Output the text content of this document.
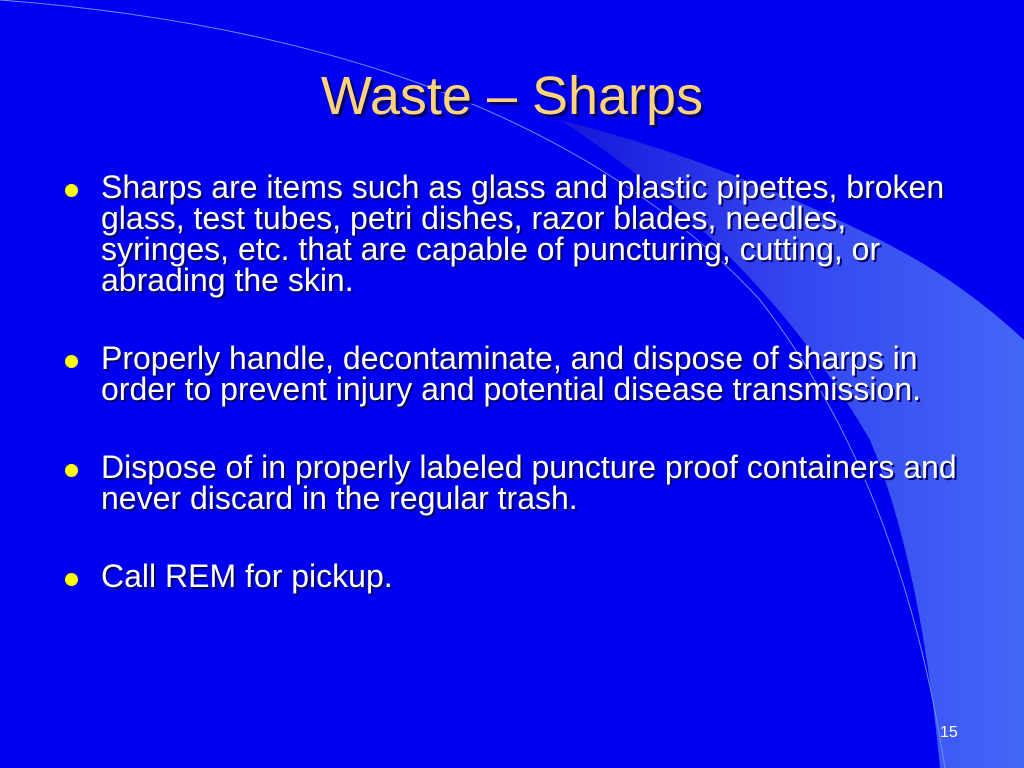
Waste – Sharps
Sharps are items such as glass and plastic pipettes, broken glass, test tubes, petri dishes, razor blades, needles, syringes, etc. that are capable of puncturing, cutting, or abrading the skin.
Properly handle, decontaminate, and dispose of sharps in order to prevent injury and potential disease transmission.
Dispose of in properly labeled puncture proof containers and never discard in the regular trash.
Call REM for pickup.
15
